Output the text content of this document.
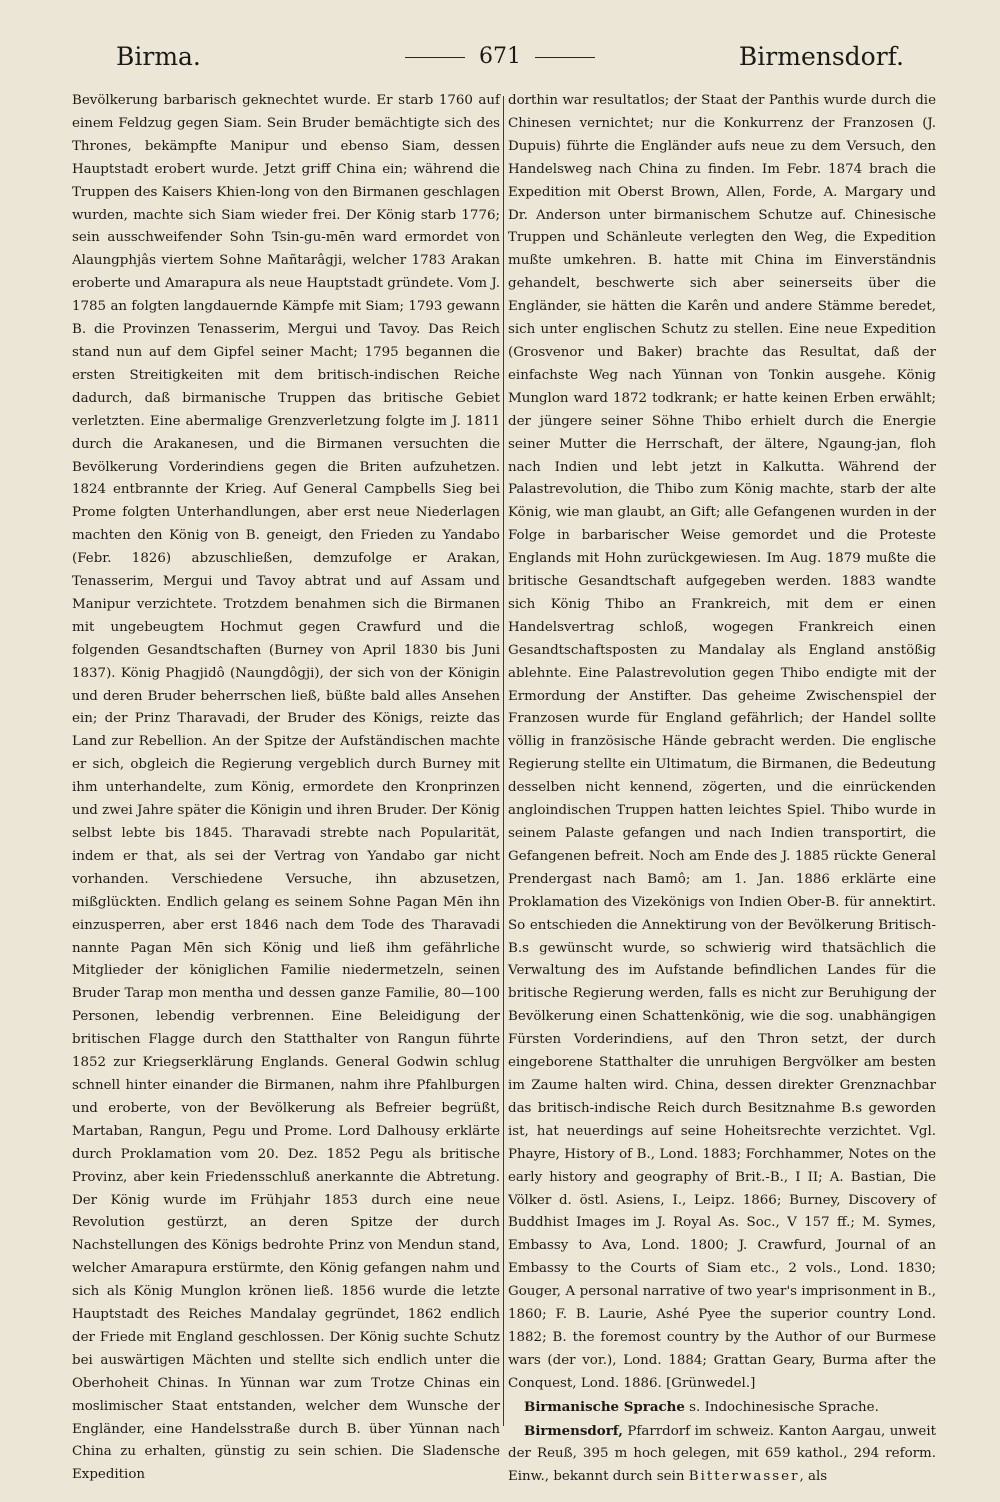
Birma.	671	Birmensdorf.

Bevölkerung barbarisch geknechtet wurde. Er starb 1760 auf einem Feldzug gegen Siam. Sein Bruder bemächtigte sich des Thrones, bekämpfte Manipur und ebenso Siam, dessen Hauptstadt erobert wurde. Jetzt griff China ein; während die Truppen des Kaisers Khien-long von den Birmanen geschlagen wurden, machte sich Siam wieder frei. Der König starb 1776; sein ausschweifender Sohn Tsin-gu-mēn ward ermordet von Alaungphjâs viertem Sohne Mañtarâgji, welcher 1783 Arakan eroberte und Amarapura als neue Hauptstadt gründete. Vom J. 1785 an folgten langdauernde Kämpfe mit Siam; 1793 gewann B. die Provinzen Tenasserim, Mergui und Tavoy. Das Reich stand nun auf dem Gipfel seiner Macht; 1795 begannen die ersten Streitigkeiten mit dem britisch-indischen Reiche dadurch, daß birmanische Truppen das britische Gebiet verletzten. Eine abermalige Grenzverletzung folgte im J. 1811 durch die Arakanesen, und die Birmanen versuchten die Bevölkerung Vorderindiens gegen die Briten aufzuhetzen. 1824 entbrannte der Krieg. Auf General Campbells Sieg bei Prome folgten Unterhandlungen, aber erst neue Niederlagen machten den König von B. geneigt, den Frieden zu Yandabo (Febr. 1826) abzuschließen, demzufolge er Arakan, Tenasserim, Mergui und Tavoy abtrat und auf Assam und Manipur verzichtete. Trotzdem benahmen sich die Birmanen mit ungebeugtem Hochmut gegen Crawfurd und die folgenden Gesandtschaften (Burney von April 1830 bis Juni 1837). König Phagjidô (Naungdôgji), der sich von der Königin und deren Bruder beherrschen ließ, büßte bald alles Ansehen ein; der Prinz Tharavadi, der Bruder des Königs, reizte das Land zur Rebellion. An der Spitze der Aufständischen machte er sich, obgleich die Regierung vergeblich durch Burney mit ihm unterhandelte, zum König, ermordete den Kronprinzen und zwei Jahre später die Königin und ihren Bruder. Der König selbst lebte bis 1845. Tharavadi strebte nach Popularität, indem er that, als sei der Vertrag von Yandabo gar nicht vorhanden. Verschiedene Versuche, ihn abzusetzen, mißglückten. Endlich gelang es seinem Sohne Pagan Mēn ihn einzusperren, aber erst 1846 nach dem Tode des Tharavadi nannte Pagan Mēn sich König und ließ ihm gefährliche Mitglieder der königlichen Familie niedermetzeln, seinen Bruder Tarap mon mentha und dessen ganze Familie, 80—100 Personen, lebendig verbrennen. Eine Beleidigung der britischen Flagge durch den Statthalter von Rangun führte 1852 zur Kriegserklärung Englands. General Godwin schlug schnell hinter einander die Birmanen, nahm ihre Pfahlburgen und eroberte, von der Bevölkerung als Befreier begrüßt, Martaban, Rangun, Pegu und Prome. Lord Dalhousy erklärte durch Proklamation vom 20. Dez. 1852 Pegu als britische Provinz, aber kein Friedensschluß anerkannte die Abtretung. Der König wurde im Frühjahr 1853 durch eine neue Revolution gestürzt, an deren Spitze der durch Nachstellungen des Königs bedrohte Prinz von Mendun stand, welcher Amarapura erstürmte, den König gefangen nahm und sich als König Munglon krönen ließ. 1856 wurde die letzte Hauptstadt des Reiches Mandalay gegründet, 1862 endlich der Friede mit England geschlossen. Der König suchte Schutz bei auswärtigen Mächten und stellte sich endlich unter die Oberhoheit Chinas. In Yünnan war zum Trotze Chinas ein moslimischer Staat entstanden, welcher dem Wunsche der Engländer, eine Handelsstraße durch B. über Yünnan nach China zu erhalten, günstig zu sein schien. Die Sladensche Expedition

dorthin war resultatlos; der Staat der Panthis wurde durch die Chinesen vernichtet; nur die Konkurrenz der Franzosen (J. Dupuis) führte die Engländer aufs neue zu dem Versuch, den Handelsweg nach China zu finden. Im Febr. 1874 brach die Expedition mit Oberst Brown, Allen, Forde, A. Margary und Dr. Anderson unter birmanischem Schutze auf. Chinesische Truppen und Schänleute verlegten den Weg, die Expedition mußte umkehren. B. hatte mit China im Einverständnis gehandelt, beschwerte sich aber seinerseits über die Engländer, sie hätten die Karên und andere Stämme beredet, sich unter englischen Schutz zu stellen. Eine neue Expedition (Grosvenor und Baker) brachte das Resultat, daß der einfachste Weg nach Yünnan von Tonkin ausgehe. König Munglon ward 1872 todkrank; er hatte keinen Erben erwählt; der jüngere seiner Söhne Thibo erhielt durch die Energie seiner Mutter die Herrschaft, der ältere, Ngaung-jan, floh nach Indien und lebt jetzt in Kalkutta. Während der Palastrevolution, die Thibo zum König machte, starb der alte König, wie man glaubt, an Gift; alle Gefangenen wurden in der Folge in barbarischer Weise gemordet und die Proteste Englands mit Hohn zurückgewiesen. Im Aug. 1879 mußte die britische Gesandtschaft aufgegeben werden. 1883 wandte sich König Thibo an Frankreich, mit dem er einen Handelsvertrag schloß, wogegen Frankreich einen Gesandtschaftsposten zu Mandalay als England anstößig ablehnte. Eine Palastrevolution gegen Thibo endigte mit der Ermordung der Anstifter. Das geheime Zwischenspiel der Franzosen wurde für England gefährlich; der Handel sollte völlig in französische Hände gebracht werden. Die englische Regierung stellte ein Ultimatum, die Birmanen, die Bedeutung desselben nicht kennend, zögerten, und die einrückenden angloindischen Truppen hatten leichtes Spiel. Thibo wurde in seinem Palaste gefangen und nach Indien transportirt, die Gefangenen befreit. Noch am Ende des J. 1885 rückte General Prendergast nach Bamô; am 1. Jan. 1886 erklärte eine Proklamation des Vizekönigs von Indien Ober-B. für annektirt. So entschieden die Annektirung von der Bevölkerung Britisch-B.s gewünscht wurde, so schwierig wird thatsächlich die Verwaltung des im Aufstande befindlichen Landes für die britische Regierung werden, falls es nicht zur Beruhigung der Bevölkerung einen Schattenkönig, wie die sog. unabhängigen Fürsten Vorderindiens, auf den Thron setzt, der durch eingeborene Statthalter die unruhigen Bergvölker am besten im Zaume halten wird. China, dessen direkter Grenznachbar das britisch-indische Reich durch Besitznahme B.s geworden ist, hat neuerdings auf seine Hoheitsrechte verzichtet. Vgl. Phayre, History of B., Lond. 1883; Forchhammer, Notes on the early history and geography of Brit.-B., I II; A. Bastian, Die Völker d. östl. Asiens, I., Leipz. 1866; Burney, Discovery of Buddhist Images im J. Royal As. Soc., V 157 ff.; M. Symes, Embassy to Ava, Lond. 1800; J. Crawfurd, Journal of an Embassy to the Courts of Siam etc., 2 vols., Lond. 1830; Gouger, A personal narrative of two year's imprisonment in B., 1860; F. B. Laurie, Ashé Pyee the superior country Lond. 1882; B. the foremost country by the Author of our Burmese wars (der vor.), Lond. 1884; Grattan Geary, Burma after the Conquest, Lond. 1886. [Grünwedel.]

Birmanische Sprache s. Indochinesische Sprache.

Birmensdorf, Pfarrdorf im schweiz. Kanton Aargau, unweit der Reuß, 395 m hoch gelegen, mit 659 kathol., 294 reform. Einw., bekannt durch sein Bitterwasser, als
